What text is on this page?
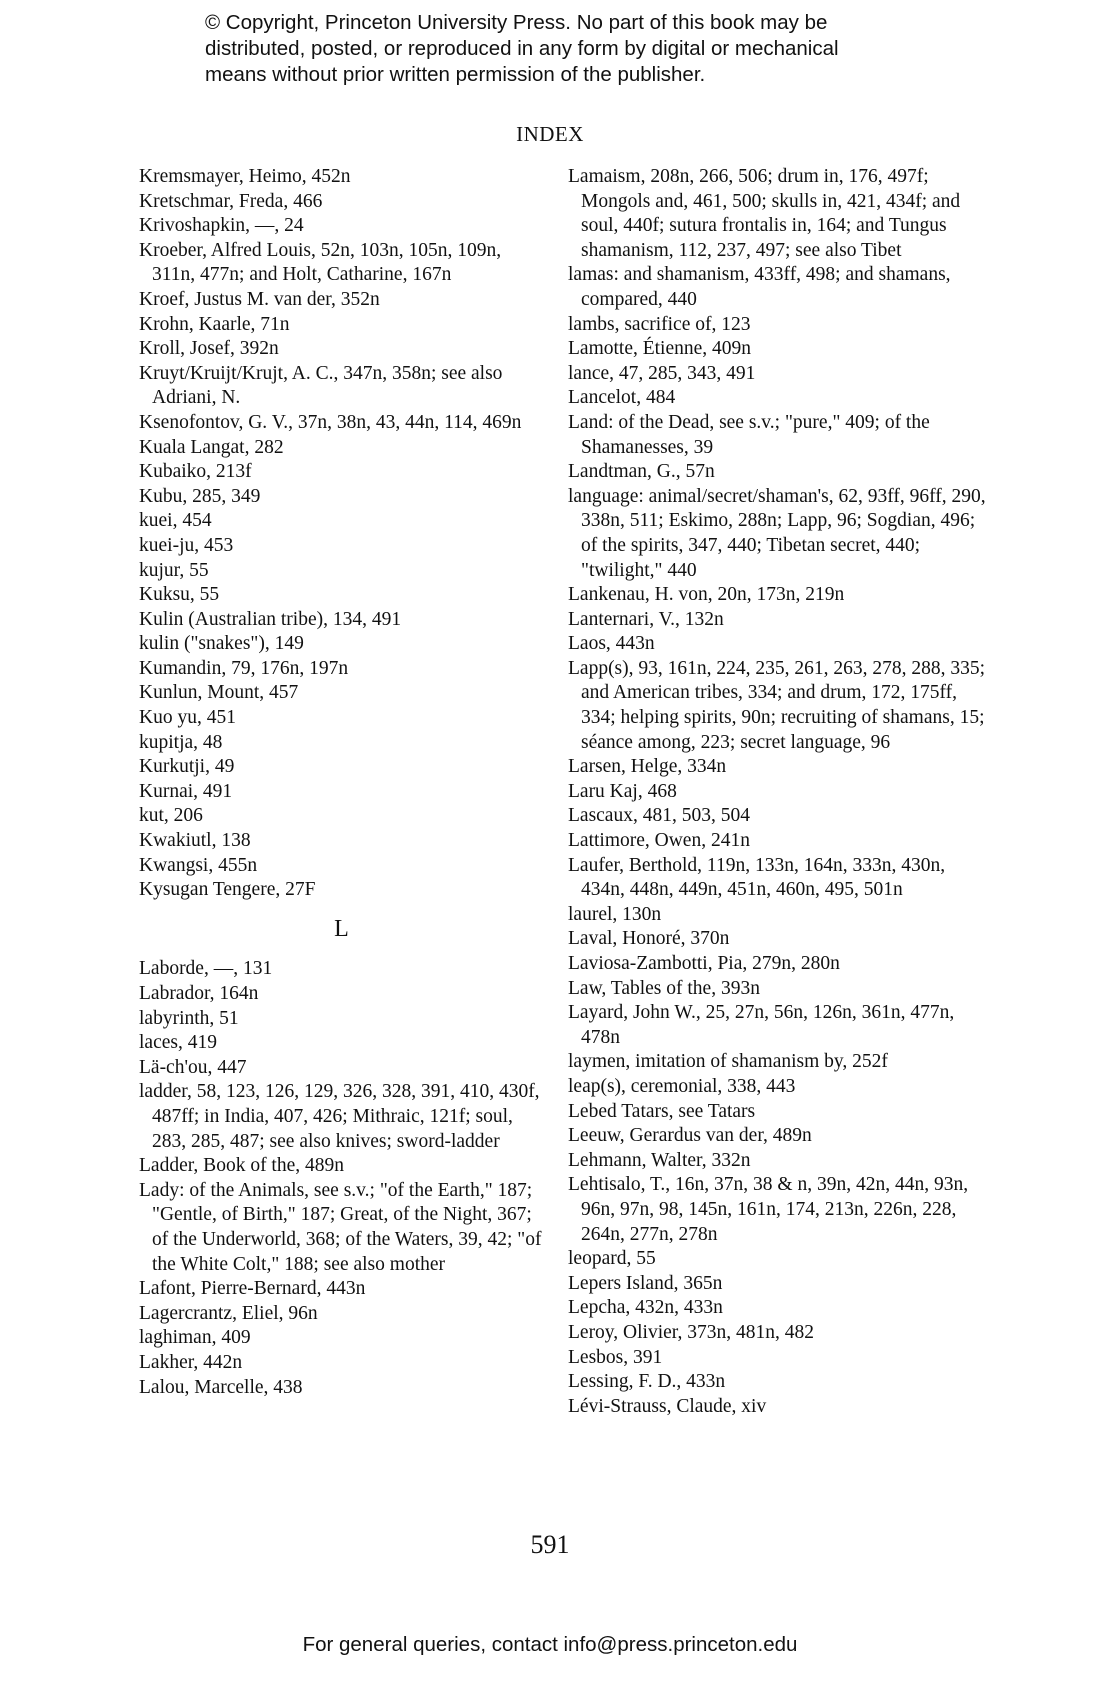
© Copyright, Princeton University Press. No part of this book may be
distributed, posted, or reproduced in any form by digital or mechanical
means without prior written permission of the publisher.
INDEX
Kremsmayer, Heimo, 452n
Kretschmar, Freda, 466
Krivoshapkin, —, 24
Kroeber, Alfred Louis, 52n, 103n, 105n, 109n, 311n, 477n; and Holt, Catharine, 167n
Kroef, Justus M. van der, 352n
Krohn, Kaarle, 71n
Kroll, Josef, 392n
Kruyt/Kruijt/Krujt, A. C., 347n, 358n; see also Adriani, N.
Ksenofontov, G. V., 37n, 38n, 43, 44n, 114, 469n
Kuala Langat, 282
Kubaiko, 213f
Kubu, 285, 349
kuei, 454
kuei-ju, 453
kujur, 55
Kuksu, 55
Kulin (Australian tribe), 134, 491
kulin ("snakes"), 149
Kumandin, 79, 176n, 197n
Kunlun, Mount, 457
Kuo yu, 451
kupitja, 48
Kurkutji, 49
Kurnai, 491
kut, 206
Kwakiutl, 138
Kwangsi, 455n
Kysugan Tengere, 27F
L
Laborde, —, 131
Labrador, 164n
labyrinth, 51
laces, 419
Lä-ch'ou, 447
ladder, 58, 123, 126, 129, 326, 328, 391, 410, 430f, 487ff; in India, 407, 426; Mithraic, 121f; soul, 283, 285, 487; see also knives; sword-ladder
Ladder, Book of the, 489n
Lady: of the Animals, see s.v.; "of the Earth," 187; "Gentle, of Birth," 187; Great, of the Night, 367; of the Underworld, 368; of the Waters, 39, 42; "of the White Colt," 188; see also mother
Lafont, Pierre-Bernard, 443n
Lagercrantz, Eliel, 96n
laghiman, 409
Lakher, 442n
Lalou, Marcelle, 438
Lamaism, 208n, 266, 506; drum in, 176, 497f; Mongols and, 461, 500; skulls in, 421, 434f; and soul, 440f; sutura frontalis in, 164; and Tungus shamanism, 112, 237, 497; see also Tibet
lamas: and shamanism, 433ff, 498; and shamans, compared, 440
lambs, sacrifice of, 123
Lamotte, Étienne, 409n
lance, 47, 285, 343, 491
Lancelot, 484
Land: of the Dead, see s.v.; "pure," 409; of the Shamanesses, 39
Landtman, G., 57n
language: animal/secret/shaman's, 62, 93ff, 96ff, 290, 338n, 511; Eskimo, 288n; Lapp, 96; Sogdian, 496; of the spirits, 347, 440; Tibetan secret, 440; "twilight," 440
Lankenau, H. von, 20n, 173n, 219n
Lanternari, V., 132n
Laos, 443n
Lapp(s), 93, 161n, 224, 235, 261, 263, 278, 288, 335; and American tribes, 334; and drum, 172, 175ff, 334; helping spirits, 90n; recruiting of shamans, 15; séance among, 223; secret language, 96
Larsen, Helge, 334n
Laru Kaj, 468
Lascaux, 481, 503, 504
Lattimore, Owen, 241n
Laufer, Berthold, 119n, 133n, 164n, 333n, 430n, 434n, 448n, 449n, 451n, 460n, 495, 501n
laurel, 130n
Laval, Honoré, 370n
Laviosa-Zambotti, Pia, 279n, 280n
Law, Tables of the, 393n
Layard, John W., 25, 27n, 56n, 126n, 361n, 477n, 478n
laymen, imitation of shamanism by, 252f
leap(s), ceremonial, 338, 443
Lebed Tatars, see Tatars
Leeuw, Gerardus van der, 489n
Lehmann, Walter, 332n
Lehtisalo, T., 16n, 37n, 38 & n, 39n, 42n, 44n, 93n, 96n, 97n, 98, 145n, 161n, 174, 213n, 226n, 228, 264n, 277n, 278n
leopard, 55
Lepers Island, 365n
Lepcha, 432n, 433n
Leroy, Olivier, 373n, 481n, 482
Lesbos, 391
Lessing, F. D., 433n
Lévi-Strauss, Claude, xiv
591
For general queries, contact info@press.princeton.edu
